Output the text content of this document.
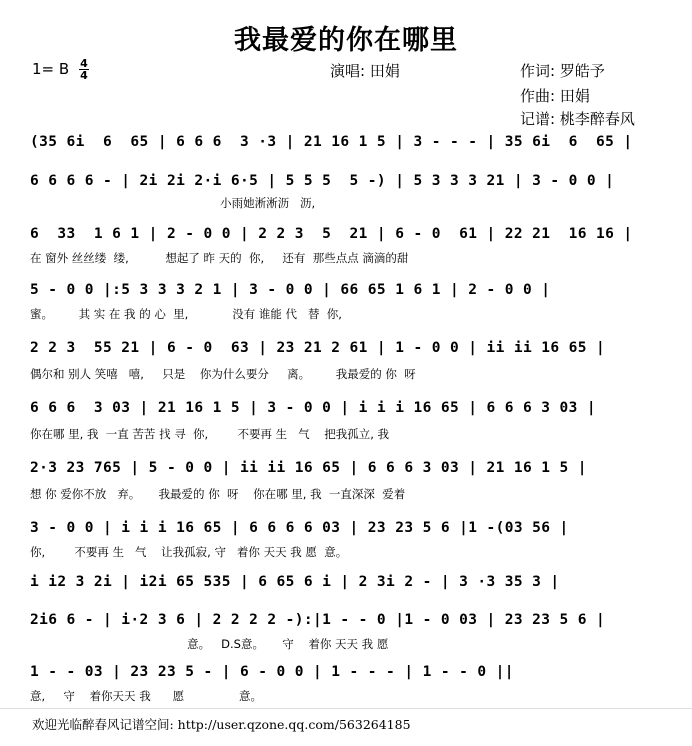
我最爱的你在哪里
1= B $\frac{4}{4}$	演唱: 田娟	作词: 罗皓予
作曲: 田娟
记谱: 桃李醉春风
(35 6i  6  65 | 6 6 6  3 ·3 | 21 16 1 5 | 3 - - - | 35 6i  6  65 |
6 6 6 6 - | 2i 2i 2·i 6·5 | 5 5 5  5 -) | 5 3 3 3 21 | 3 - 0 0 |
小雨她淅淅沥   沥,
6  33  1 6 1 | 2 - 0 0 | 2 2 3  5  21 | 6 - 0  61 | 22 21  16 16 |
在 窗外 丝丝缕  缕,          想起了 昨 天的  你,     还有  那些点点 滴滴的甜
5 - 0 0 |:5 3 3 3 2 1 | 3 - 0 0 | 66 65 1 6 1 | 2 - 0 0 |
蜜。       其 实 在 我 的 心  里,            没有 谁能 代   替  你,
2 2 3  55 21 | 6 - 0  63 | 23 21 2 61 | 1 - 0 0 | ii ii 16 65 |
偶尔和 别人 笑嘻   嘻,     只是    你为什么要分     离。       我最爱的 你  呀
6 6 6  3 03 | 21 16 1 5 | 3 - 0 0 | i i i 16 65 | 6 6 6 3 03 |
你在哪 里, 我  一直 苦苦 找 寻  你,        不要再 生   气    把我孤立, 我
2·3 23 765 | 5 - 0 0 | ii ii 16 65 | 6 6 6 3 03 | 21 16 1 5 |
想 你 爱你不放   弃。     我最爱的 你  呀    你在哪 里, 我  一直深深  爱着
3 - 0 0 | i i i 16 65 | 6 6 6 6 03 | 23 23 5 6 |1 -(03 56 |
你,        不要再 生   气    让我孤寂, 守   着你 天天 我 愿  意。
i i2 3 2i | i2i 65 535 | 6 65 6 i | 2 3i 2 - | 3 ·3 35 3 |
2i6 6 - | i·2 3 6 | 2 2 2 2 -):|1 - - 0 |1 - 0 03 | 23 23 5 6 |
意。   D.S意。     守    着你 天天 我 愿
1 - - 03 | 23 23 5 - | 6 - 0 0 | 1 - - - | 1 - - 0 ||
意,     守    着你天天 我      愿               意。
欢迎光临醉春风记谱空间: http://user.qzone.qq.com/563264185
